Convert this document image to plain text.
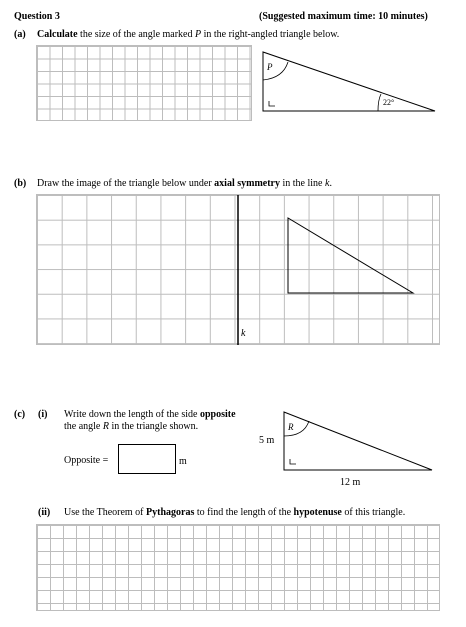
Question 3	(Suggested maximum time: 10 minutes)
(a) Calculate the size of the angle marked P in the right-angled triangle below.
P
22°
(b) Draw the image of the triangle below under axial symmetry in the line k.
k
(c) (i) Write down the length of the side opposite
the angle R in the triangle shown.
Opposite =	m
R
5 m
12 m
(ii) Use the Theorem of Pythagoras to find the length of the hypotenuse of this triangle.
